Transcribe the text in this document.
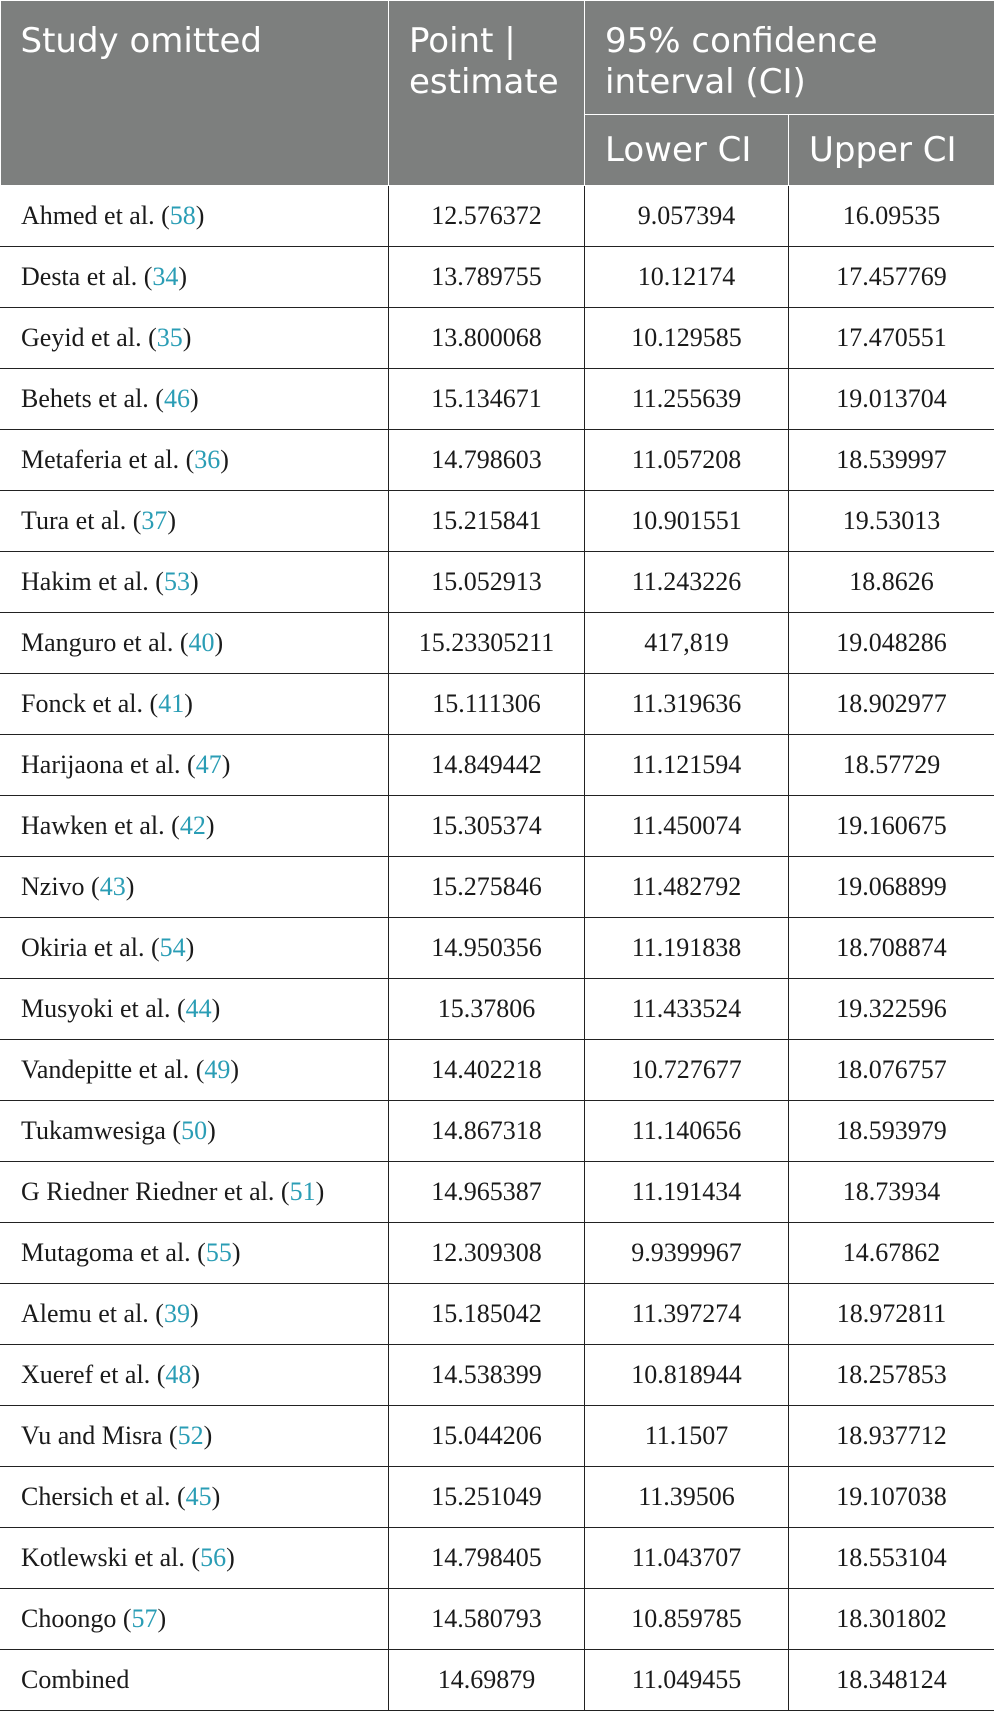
Study omitted	Point | estimate	95% confidence interval (CI)	
		Lower CI	Upper CI
Ahmed et al. (58)	12.576372	9.057394	16.09535
Desta et al. (34)	13.789755	10.12174	17.457769
Geyid et al. (35)	13.800068	10.129585	17.470551
Behets et al. (46)	15.134671	11.255639	19.013704
Metaferia et al. (36)	14.798603	11.057208	18.539997
Tura et al. (37)	15.215841	10.901551	19.53013
Hakim et al. (53)	15.052913	11.243226	18.8626
Manguro et al. (40)	15.23305211	417,819	19.048286
Fonck et al. (41)	15.111306	11.319636	18.902977
Harijaona et al. (47)	14.849442	11.121594	18.57729
Hawken et al. (42)	15.305374	11.450074	19.160675
Nzivo (43)	15.275846	11.482792	19.068899
Okiria et al. (54)	14.950356	11.191838	18.708874
Musyoki et al. (44)	15.37806	11.433524	19.322596
Vandepitte et al. (49)	14.402218	10.727677	18.076757
Tukamwesiga (50)	14.867318	11.140656	18.593979
G Riedner Riedner et al. (51)	14.965387	11.191434	18.73934
Mutagoma et al. (55)	12.309308	9.9399967	14.67862
Alemu et al. (39)	15.185042	11.397274	18.972811
Xueref et al. (48)	14.538399	10.818944	18.257853
Vu and Misra (52)	15.044206	11.1507	18.937712
Chersich et al. (45)	15.251049	11.39506	19.107038
Kotlewski et al. (56)	14.798405	11.043707	18.553104
Choongo (57)	14.580793	10.859785	18.301802
Combined	14.69879	11.049455	18.348124
